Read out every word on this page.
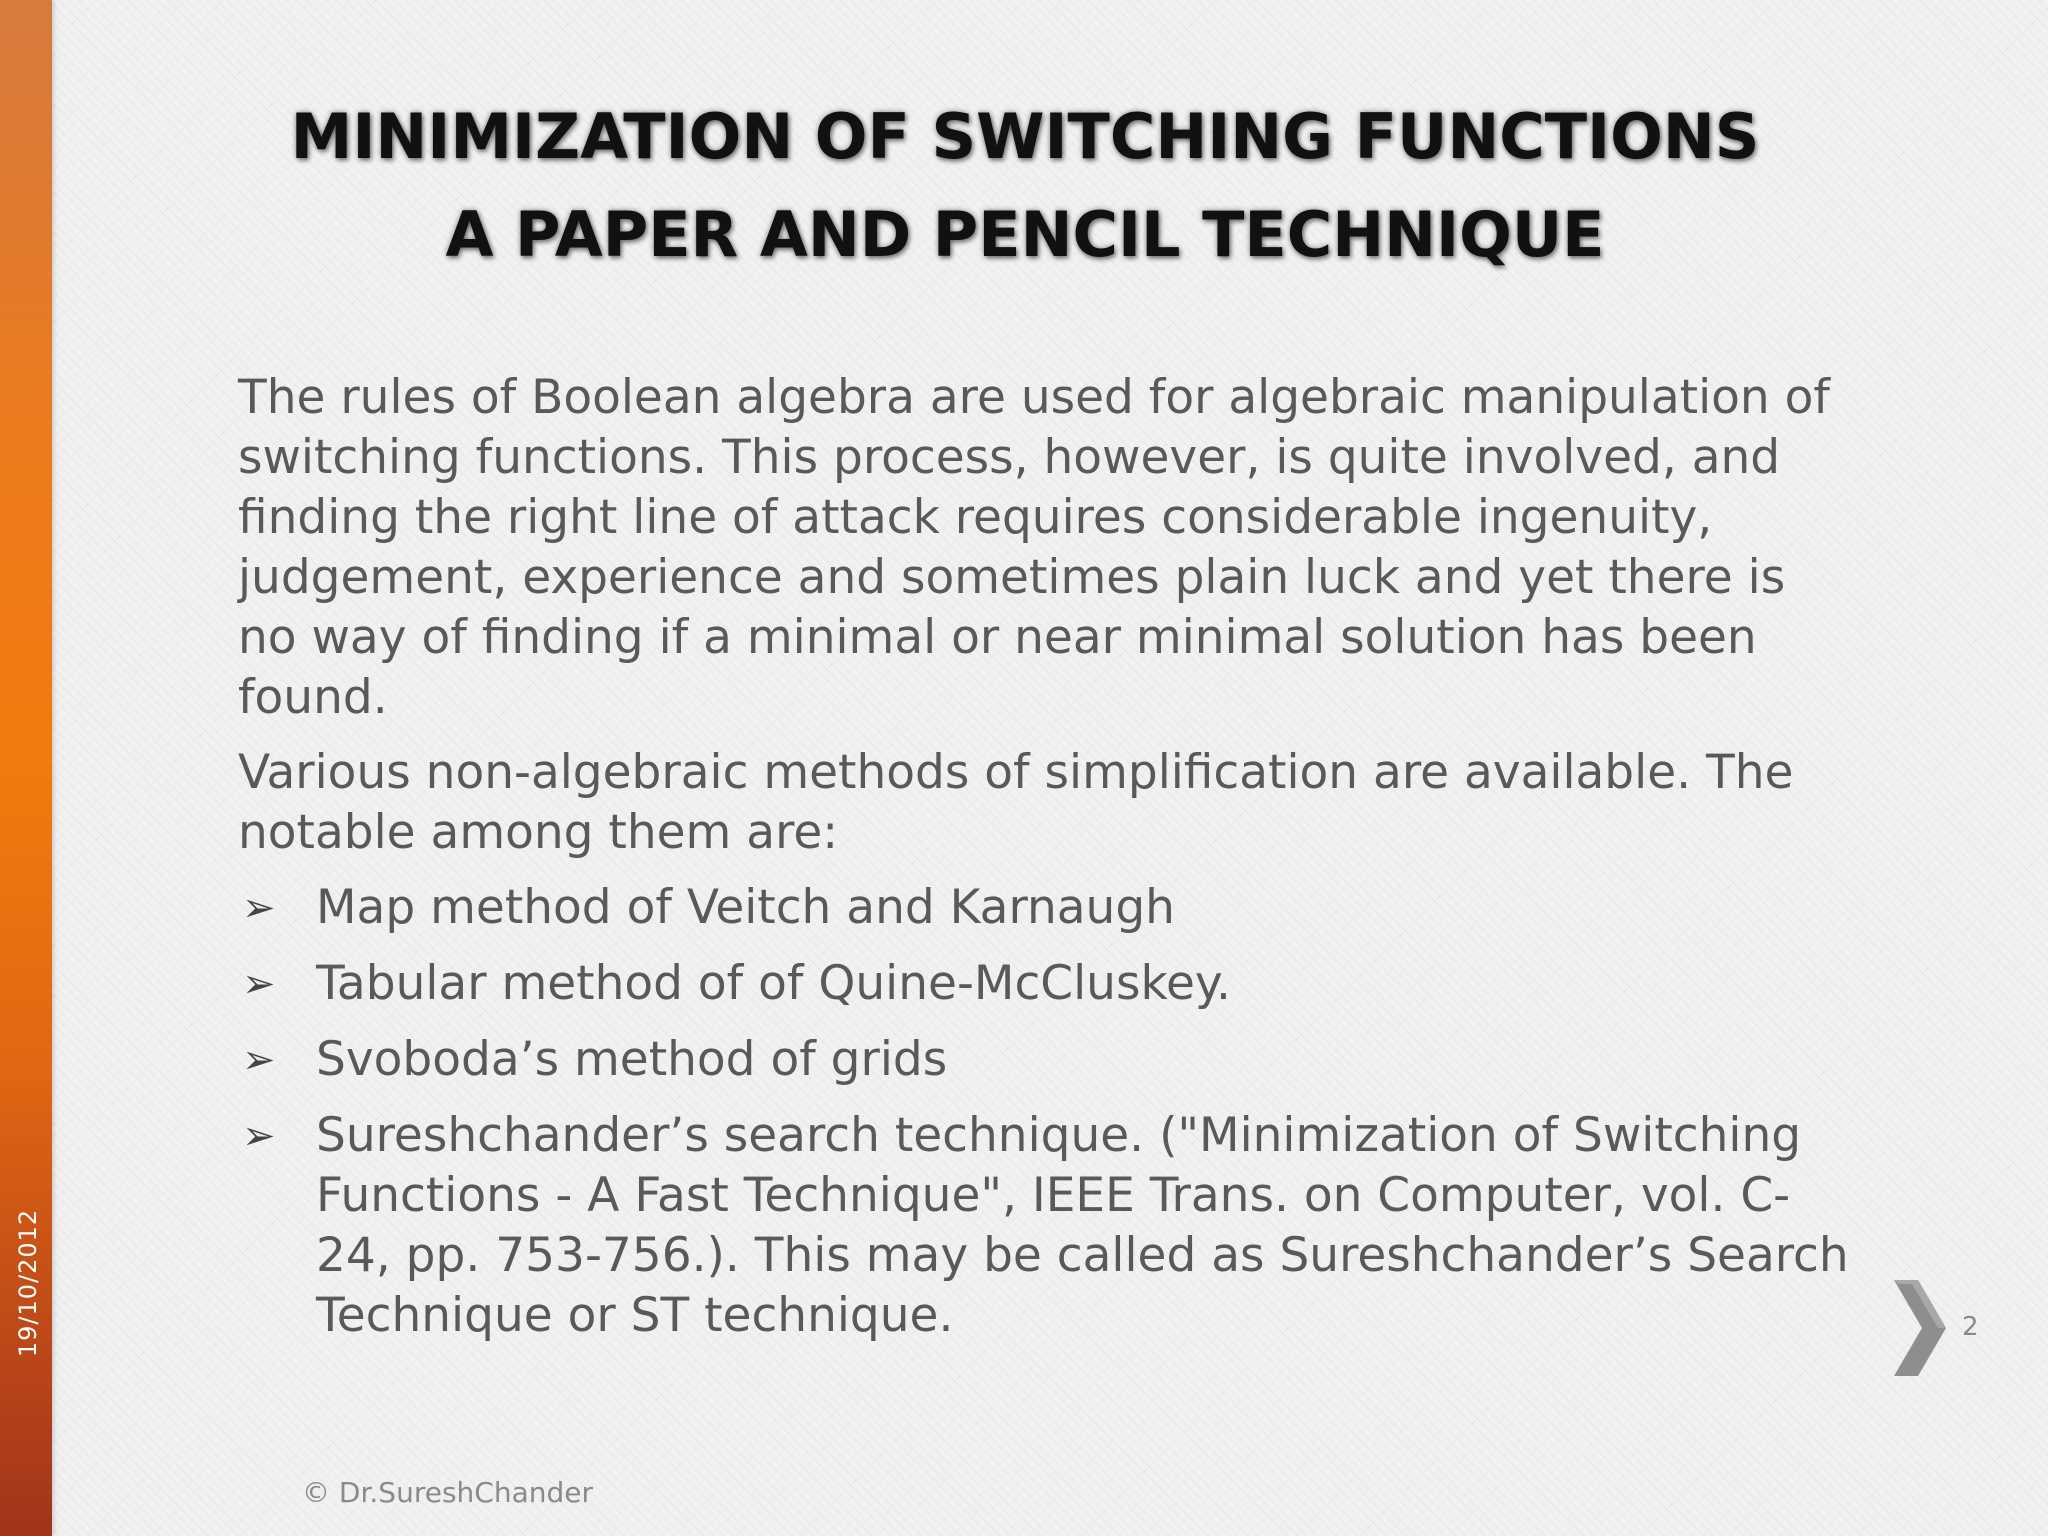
19/10/2012
MINIMIZATION OF SWITCHING FUNCTIONS
A PAPER AND PENCIL TECHNIQUE

The rules of Boolean algebra are used for algebraic manipulation of switching functions. This process, however, is quite involved, and finding the right line of attack requires considerable ingenuity, judgement, experience and sometimes plain luck and yet there is no way of finding if a minimal or near minimal solution has been found.

Various non-algebraic methods of simplification are available. The notable among them are:

➢ Map method of Veitch and Karnaugh
➢ Tabular method of of Quine-McCluskey.
➢ Svoboda’s method of grids
➢ Sureshchander’s search technique. ("Minimization of Switching Functions - A Fast Technique", IEEE Trans. on Computer, vol. C-24, pp. 753-756.). This may be called as Sureshchander’s Search Technique or ST technique.	2
© Dr.SureshChander
